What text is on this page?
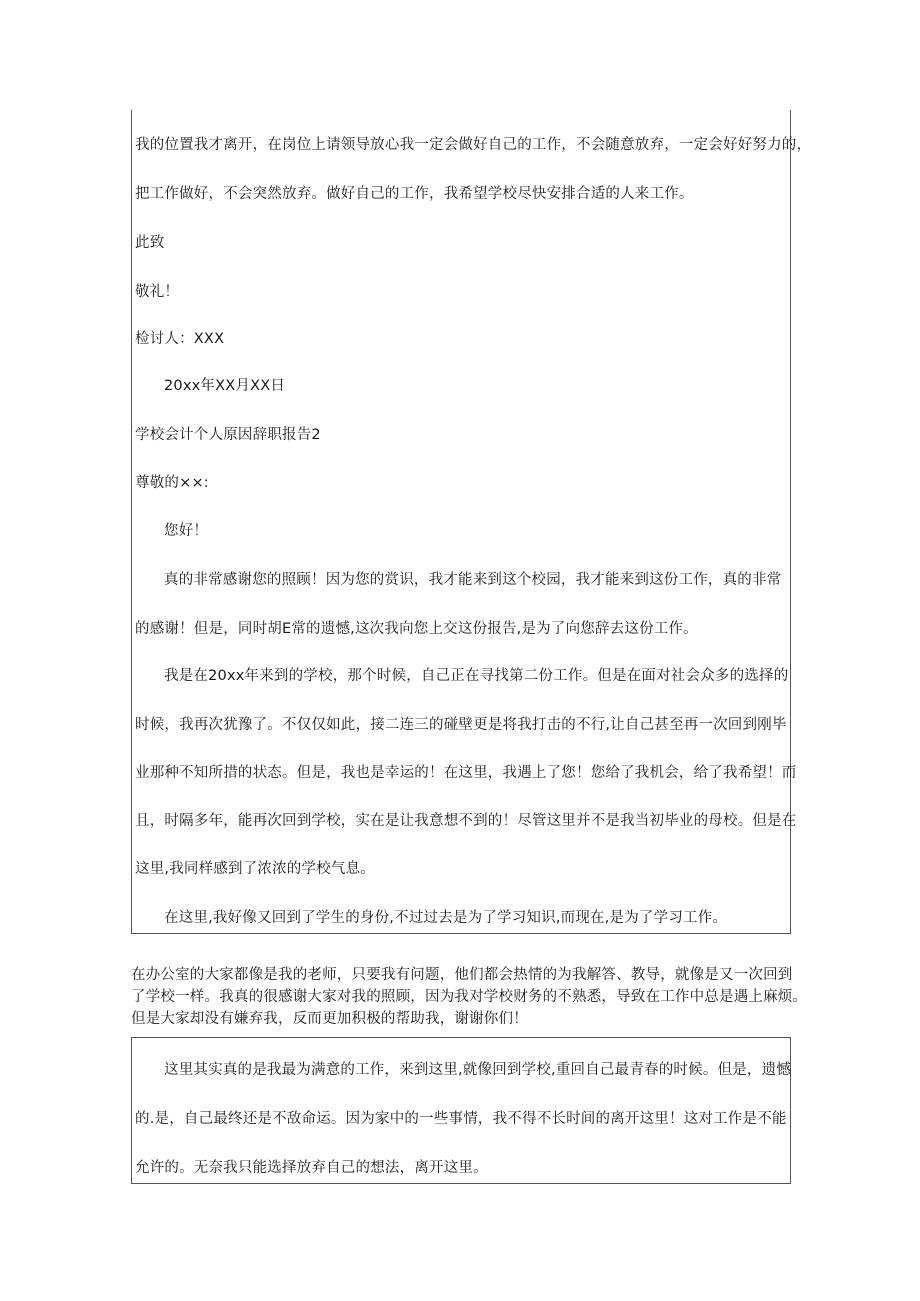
我的位置我才离开，在岗位上请领导放心我一定会做好自己的工作，不会随意放弃，一定会好好努力的，
把工作做好，不会突然放弃。做好自己的工作，我希望学校尽快安排合适的人来工作。
此致
敬礼！
检讨人：XXX
20xx年XX月XX日
学校会计个人原因辞职报告2
尊敬的××:
您好！
真的非常感谢您的照顾！因为您的赏识，我才能来到这个校园，我才能来到这份工作，真的非常
的感谢！但是，同时胡E常的遗憾,这次我向您上交这份报告,是为了向您辞去这份工作。
我是在20xx年来到的学校，那个时候，自己正在寻找第二份工作。但是在面对社会众多的选择的
时候，我再次犹豫了。不仅仅如此，接二连三的碰壁更是将我打击的不行,让自己甚至再一次回到刚毕
业那种不知所措的状态。但是，我也是幸运的！在这里，我遇上了您！您给了我机会，给了我希望！而
且，时隔多年，能再次回到学校，实在是让我意想不到的！尽管这里并不是我当初毕业的母校。但是在
这里,我同样感到了浓浓的学校气息。
在这里,我好像又回到了学生的身份,不过过去是为了学习知识,而现在,是为了学习工作。

在办公室的大家都像是我的老师，只要我有问题，他们都会热情的为我解答、教导，就像是又一次回到

了学校一样。我真的很感谢大家对我的照顾，因为我对学校财务的不熟悉，导致在工作中总是遇上麻烦。

但是大家却没有嫌弃我，反而更加积极的帮助我，谢谢你们！

这里其实真的是我最为满意的工作，来到这里,就像回到学校,重回自己最青春的时候。但是，遗憾
的.是，自己最终还是不敌命运。因为家中的一些事情，我不得不长时间的离开这里！这对工作是不能
允许的。无奈我只能选择放弃自己的想法，离开这里。
